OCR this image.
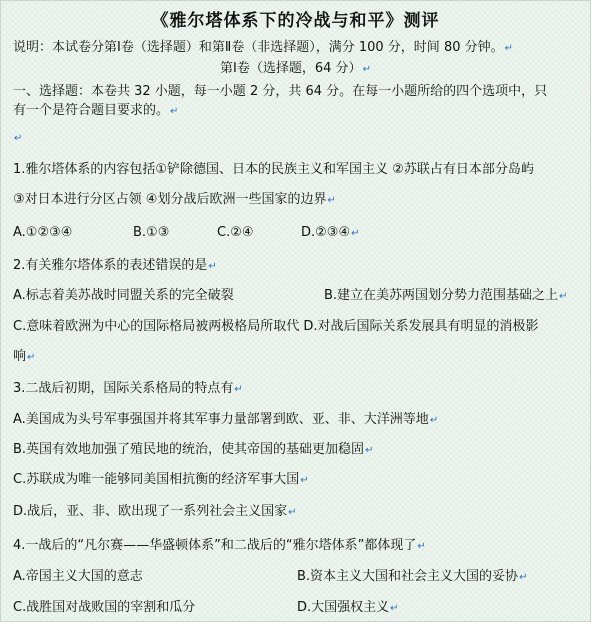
《雅尔塔体系下的冷战与和平》测评
说明：本试卷分第Ⅰ卷（选择题）和第Ⅱ卷（非选择题），满分 100 分，时间 80 分钟。↵
第Ⅰ卷（选择题，64 分）↵
一、选择题：本卷共 32 小题，每一小题 2 分，共 64 分。在每一小题所给的四个选项中，只
有一个是符合题目要求的。↵
↵
1.雅尔塔体系的内容包括①铲除德国、日本的民族主义和军国主义 ②苏联占有日本部分岛屿
③对日本进行分区占领 ④划分战后欧洲一些国家的边界↵
A.①②③④	B.①③	C.②④	D.②③④↵
2.有关雅尔塔体系的表述错误的是↵
A.标志着美苏战时同盟关系的完全破裂	B.建立在美苏两国划分势力范围基础之上↵
C.意味着欧洲为中心的国际格局被两极格局所取代 D.对战后国际关系发展具有明显的消极影
响↵
3.二战后初期，国际关系格局的特点有↵
A.美国成为头号军事强国并将其军事力量部署到欧、亚、非、大洋洲等地↵
B.英国有效地加强了殖民地的统治，使其帝国的基础更加稳固↵
C.苏联成为唯一能够同美国相抗衡的经济军事大国↵
D.战后，亚、非、欧出现了一系列社会主义国家↵
4.一战后的“凡尔赛——华盛顿体系”和二战后的“雅尔塔体系”都体现了↵
A.帝国主义大国的意志	B.资本主义大国和社会主义大国的妥协↵
C.战胜国对战败国的宰割和瓜分	D.大国强权主义↵
